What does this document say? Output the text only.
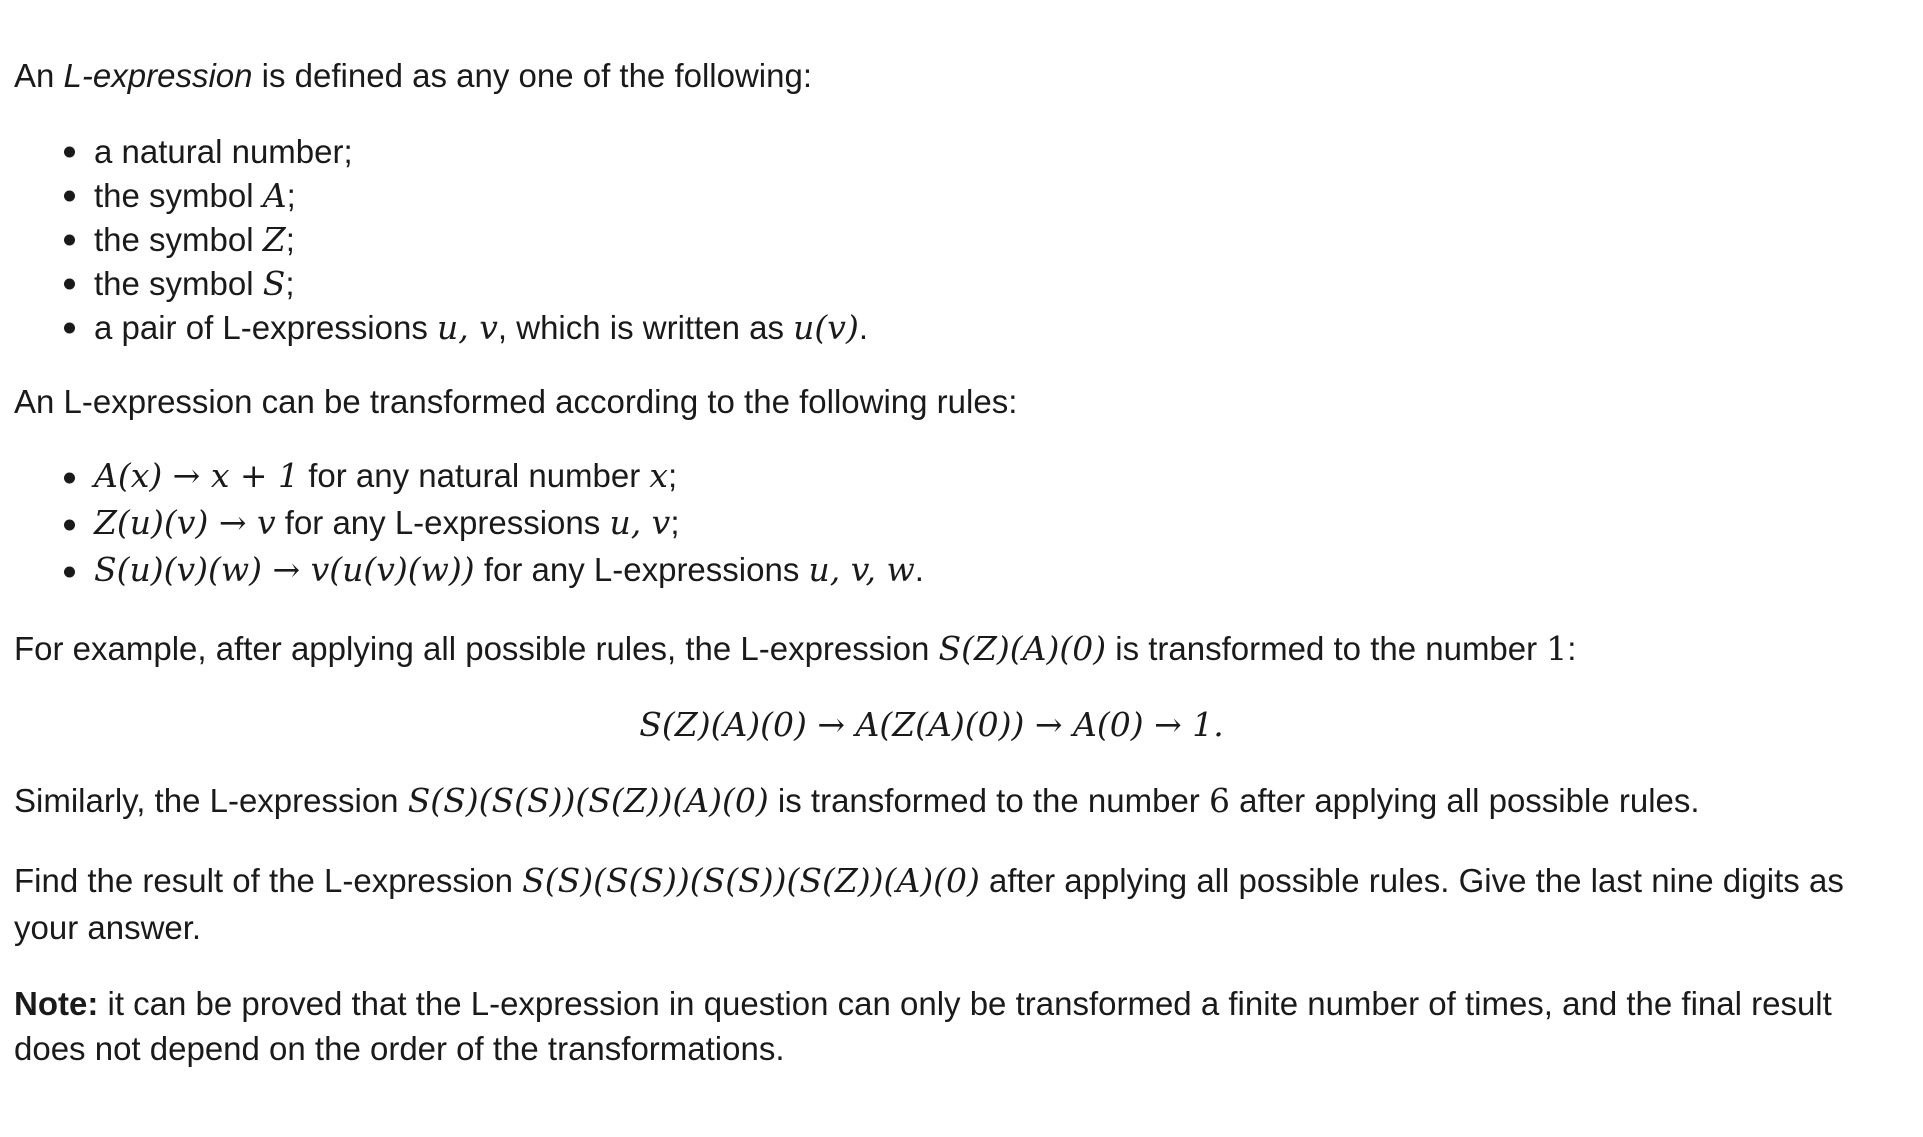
An L-expression is defined as any one of the following:

a natural number;
the symbol A;
the symbol Z;
the symbol S;
a pair of L-expressions u, v, which is written as u(v).

An L-expression can be transformed according to the following rules:

A(x) → x + 1 for any natural number x;
Z(u)(v) → v for any L-expressions u, v;
S(u)(v)(w) → v(u(v)(w)) for any L-expressions u, v, w.

For example, after applying all possible rules, the L-expression S(Z)(A)(0) is transformed to the number 1:

S(Z)(A)(0) → A(Z(A)(0)) → A(0) → 1.

Similarly, the L-expression S(S)(S(S))(S(Z))(A)(0) is transformed to the number 6 after applying all possible rules.

Find the result of the L-expression S(S)(S(S))(S(S))(S(Z))(A)(0) after applying all possible rules. Give the last nine digits as your answer.

Note: it can be proved that the L-expression in question can only be transformed a finite number of times, and the final result does not depend on the order of the transformations.
